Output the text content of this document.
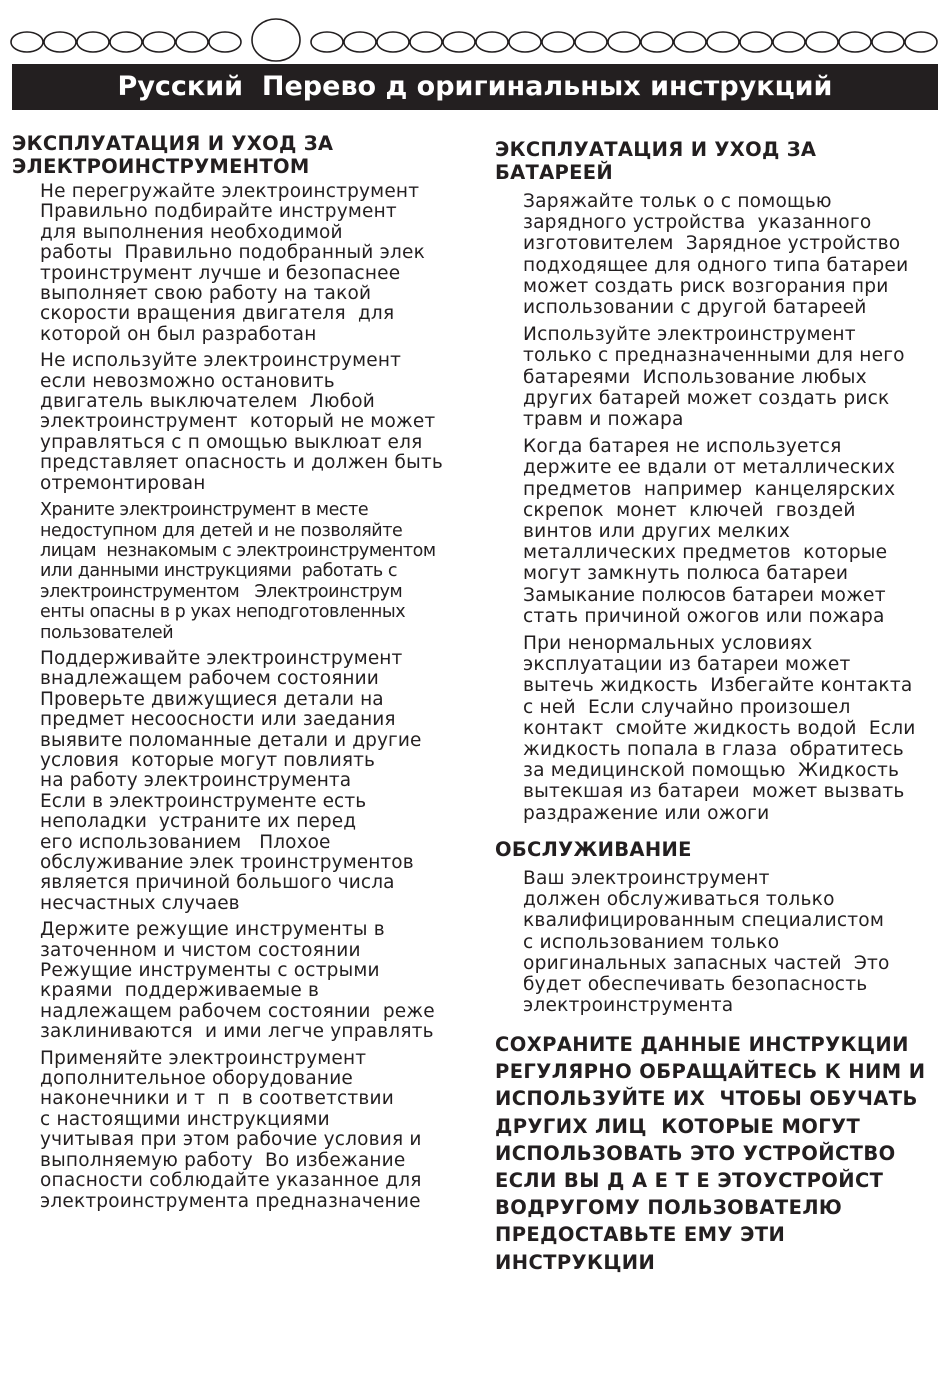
Русский  Перево д оригинальных инструкций
ЭКСПЛУАТАЦИЯ И УХОД ЗА
ЭЛЕКТРОИНСТРУМЕНТОМ

Не перегружайте электроинструмент
Правильно подбирайте инструмент
для выполнения необходимой
работы  Правильно подобранный элек
троинструмент лучше и безопаснее
выполняет свою работу на такой
скорости вращения двигателя  для
которой он был разработан

Не используйте электроинструмент
если невозможно остановить
двигатель выключателем  Любой
электроинструмент  который не может
управляться с п омощью выклюат еля
представляет опасность и должен быть
отремонтирован

Храните электроинструмент в месте
недоступном для детей и не позволяйте
лицам  незнакомым с электроинструментом
или данными инструкциями  работать с
электроинструментом   Электроинструм
енты опасны в р уках неподготовленных
пользователей

Поддерживайте электроинструмент
внадлежащем рабочем состоянии
Проверьте движущиеся детали на
предмет несоосности или заедания
выявите поломанные детали и другие
условия  которые могут повлиять
на работу электроинструмента
Если в электроинструменте есть
неполадки  устраните их перед
его использованием   Плохое
обслуживание элек троинструментов
является причиной большого числа
несчастных случаев

Держите режущие инструменты в
заточенном и чистом состоянии
Режущие инструменты с острыми
краями  поддерживаемые в
надлежащем рабочем состоянии  реже
заклиниваются  и ими легче управлять

Применяйте электроинструмент
дополнительное оборудование
наконечники и т  п  в соответствии
с настоящими инструкциями
учитывая при этом рабочие условия и
выполняемую работу  Во избежание
опасности соблюдайте указанное для
электроинструмента предназначение

ЭКСПЛУАТАЦИЯ И УХОД ЗА БАТАРЕЕЙ

Заряжайте тольк о с помощью
зарядного устройства  указанного
изготовителем  Зарядное устройство
подходящее для одного типа батареи
может создать риск возгорания при
использовании с другой батареей

Используйте электроинструмент
только с предназначенными для него
батареями  Использование любых
других батарей может создать риск
травм и пожара

Когда батарея не используется
держите ее вдали от металлических
предметов  например  канцелярских
скрепок  монет  ключей  гвоздей
винтов или других мелких
металлических предметов  которые
могут замкнуть полюса батареи
Замыкание полюсов батареи может
стать причиной ожогов или пожара

При ненормальных условиях
эксплуатации из батареи может
вытечь жидкость  Избегайте контакта
с ней  Если случайно произошел
контакт  смойте жидкость водой  Если
жидкость попала в глаза  обратитесь
за медицинской помощью  Жидкость
вытекшая из батареи  может вызвать
раздражение или ожоги

ОБСЛУЖИВАНИЕ

Ваш электроинструмент
должен обслуживаться только
квалифицированным специалистом
с использованием только
оригинальных запасных частей  Это
будет обеспечивать безопасность
электроинструмента

СОХРАНИТЕ ДАННЫЕ ИНСТРУКЦИИ
РЕГУЛЯРНО ОБРАЩАЙТЕСЬ К НИМ И
ИСПОЛЬЗУЙТЕ ИХ  ЧТОБЫ ОБУЧАТЬ
ДРУГИХ ЛИЦ  КОТОРЫЕ МОГУТ
ИСПОЛЬЗОВАТЬ ЭТО УСТРОЙСТВО
ЕСЛИ ВЫ Д А Е Т Е ЭТОУСТРОЙСТ
ВОДРУГОМУ ПОЛЬЗОВАТЕЛЮ
ПРЕДОСТАВЬТЕ ЕМУ ЭТИ
ИНСТРУКЦИИ
